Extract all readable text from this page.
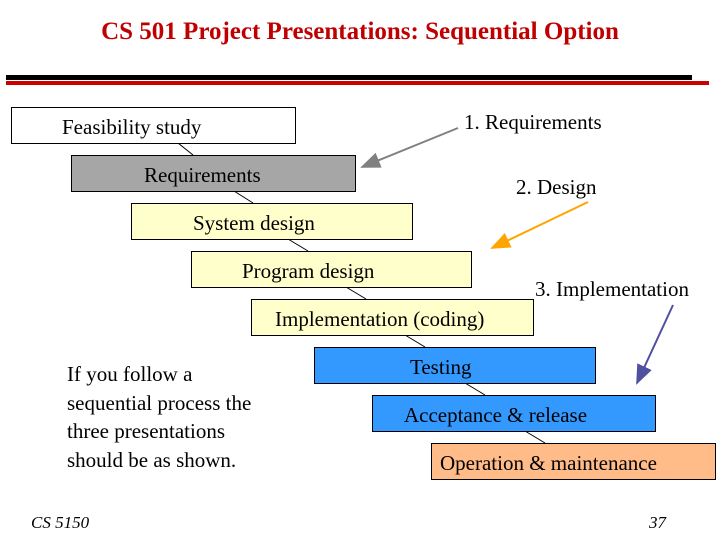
CS 501 Project Presentations: Sequential Option
Feasibility study
Requirements
System design
Program design
Implementation (coding)
Testing
Acceptance & release
Operation & maintenance
1. Requirements
2. Design
3. Implementation
If you follow a
sequential process the
three presentations
should be as shown.
CS 5150	37
